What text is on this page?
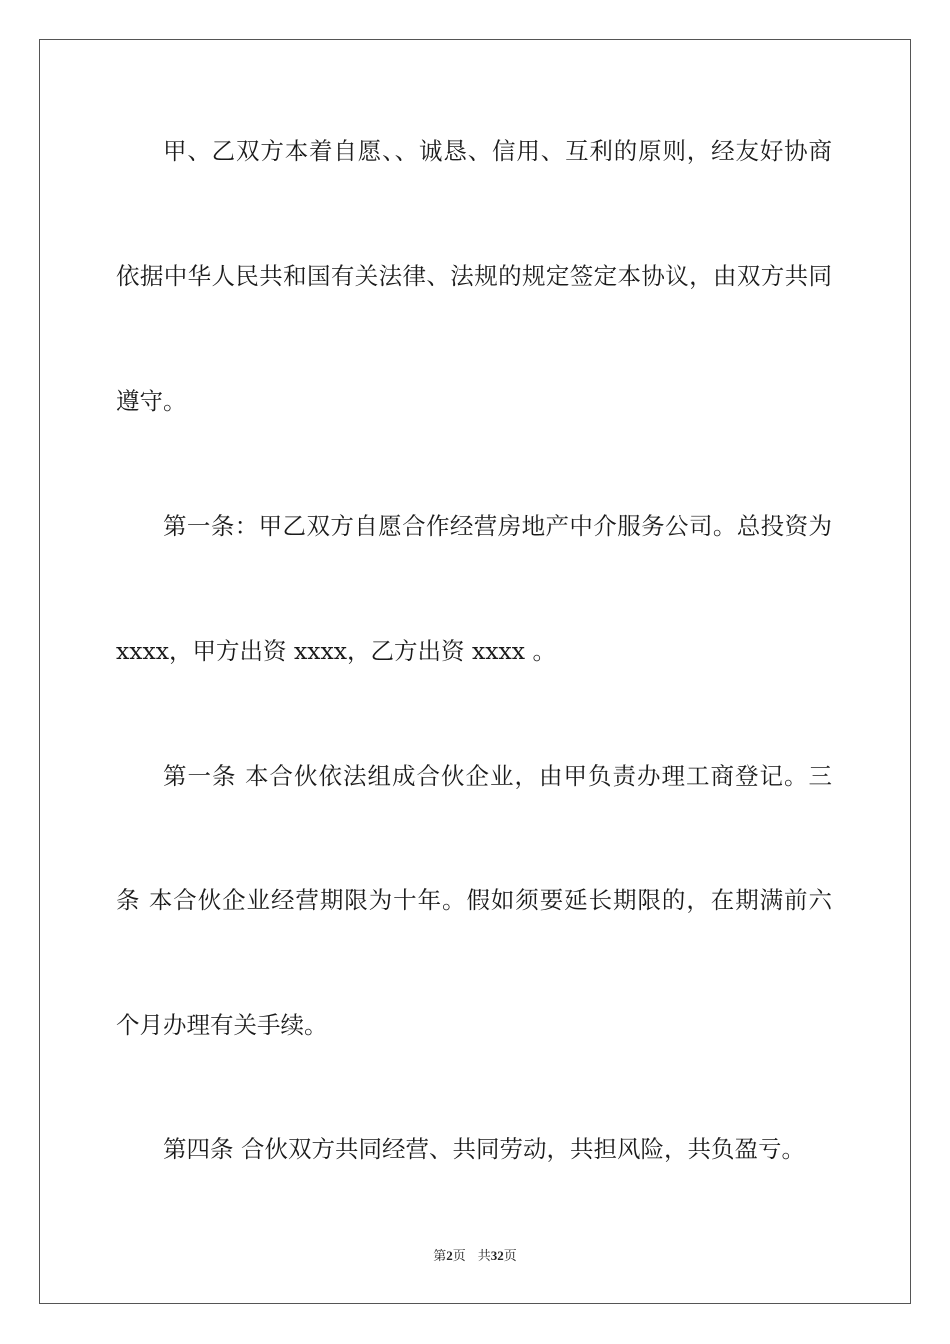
甲、乙双方本着自愿、、诚恳、信用、互利的原则，经友好协商
依据中华人民共和国有关法律、法规的规定签定本协议，由双方共同
遵守。
第一条：甲乙双方自愿合作经营房地产中介服务公司。总投资为
xxxx，甲方出资 xxxx，乙方出资 xxxx 。
第一条 本合伙依法组成合伙企业，由甲负责办理工商登记。三
条 本合伙企业经营期限为十年。假如须要延长期限的，在期满前六
个月办理有关手续。
第四条 合伙双方共同经营、共同劳动，共担风险，共负盈亏。
第2页 共32页
